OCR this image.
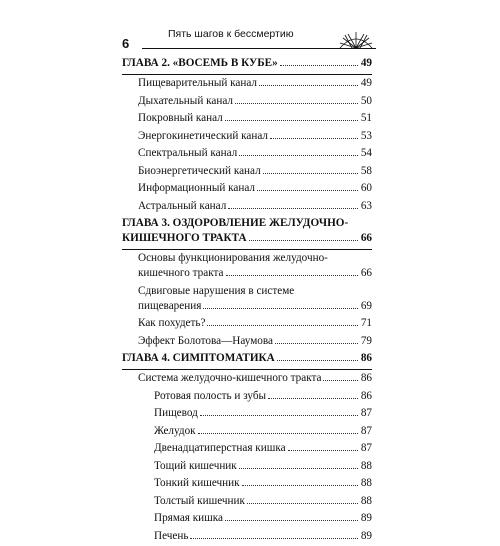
6
Пять шагов к бессмертию
ГЛАВА 2. «ВОСЕМЬ В КУБЕ»	49
Пищеварительный канал	49
Дыхательный канал	50
Покровный канал	51
Энергокинетический канал	53
Спектральный канал	54
Биоэнергетический канал	58
Информационный канал	60
Астральный канал	63
ГЛАВА 3. ОЗДОРОВЛЕНИЕ ЖЕЛУДОЧНО-
КИШЕЧНОГО ТРАКТА	66
Основы функционирования желудочно-
кишечного тракта	66
Сдвиговые нарушения в системе
пищеварения	69
Как похудеть?	71
Эффект Болотова—Наумова	79
ГЛАВА 4. СИМПТОМАТИКА	86
Система желудочно-кишечного тракта	86
Ротовая полость и зубы	86
Пищевод	87
Желудок	87
Двенадцатиперстная кишка	87
Тощий кишечник	88
Тонкий кишечник	88
Толстый кишечник	88
Прямая кишка	89
Печень	89
